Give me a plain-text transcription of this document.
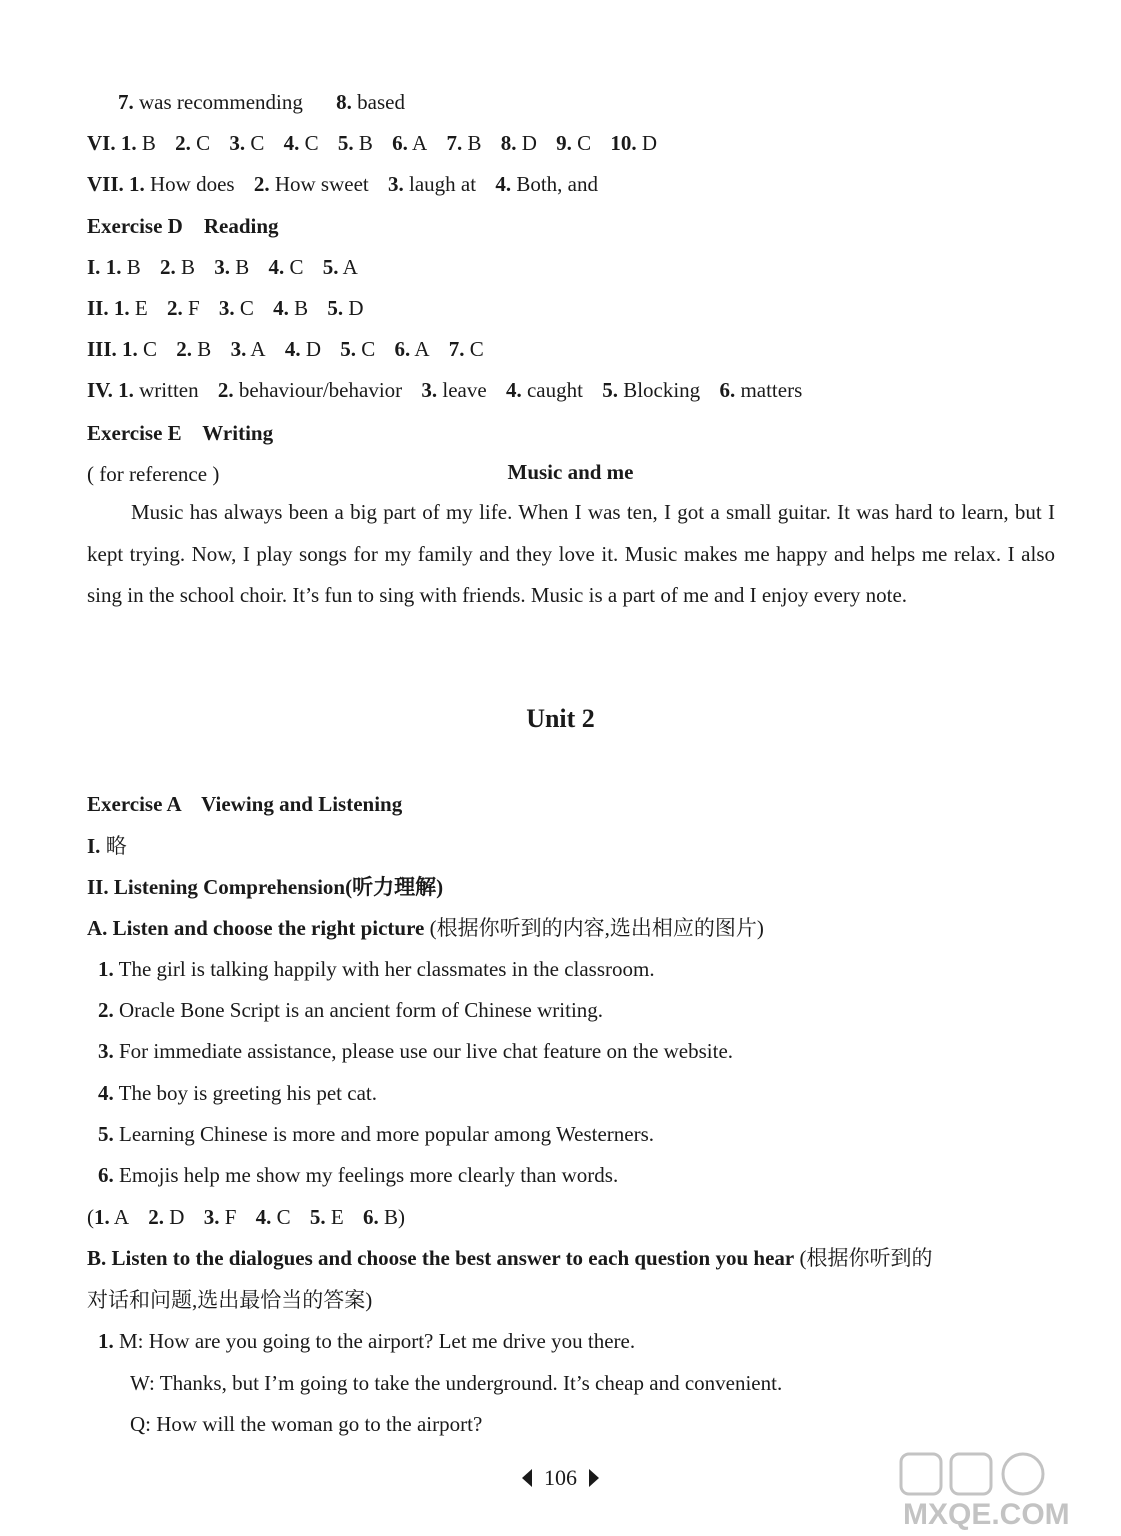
7. was recommending 8. based
VI. 1. B 2. C 3. C 4. C 5. B 6. A 7. B 8. D 9. C 10. D
VII. 1. How does 2. How sweet 3. laugh at 4. Both, and
Exercise D    Reading
I. 1. B 2. B 3. B 4. C 5. A
II. 1. E 2. F 3. C 4. B 5. D
III. 1. C 2. B 3. A 4. D 5. C 6. A 7. C
IV. 1. written 2. behaviour/behavior 3. leave 4. caught 5. Blocking 6. matters
Exercise E    Writing
( for reference )	Music and me
Music has always been a big part of my life. When I was ten, I got a small guitar. It was hard to learn, but I kept trying. Now, I play songs for my family and they love it. Music makes me happy and helps me relax. I also sing in the school choir. It’s fun to sing with friends. Music is a part of me and I enjoy every note.
Unit 2
Exercise A    Viewing and Listening
I. 略
II. Listening Comprehension(听力理解)
A. Listen and choose the right picture (根据你听到的内容,选出相应的图片)
1. The girl is talking happily with her classmates in the classroom.
2. Oracle Bone Script is an ancient form of Chinese writing.
3. For immediate assistance, please use our live chat feature on the website.
4. The boy is greeting his pet cat.
5. Learning Chinese is more and more popular among Westerners.
6. Emojis help me show my feelings more clearly than words.
(1. A 2. D 3. F 4. C 5. E 6. B)
B. Listen to the dialogues and choose the best answer to each question you hear (根据你听到的
对话和问题,选出最恰当的答案)
1. M: How are you going to the airport? Let me drive you there.
W: Thanks, but I’m going to take the underground. It’s cheap and convenient.
Q: How will the woman go to the airport?
106
MXQE.COM
